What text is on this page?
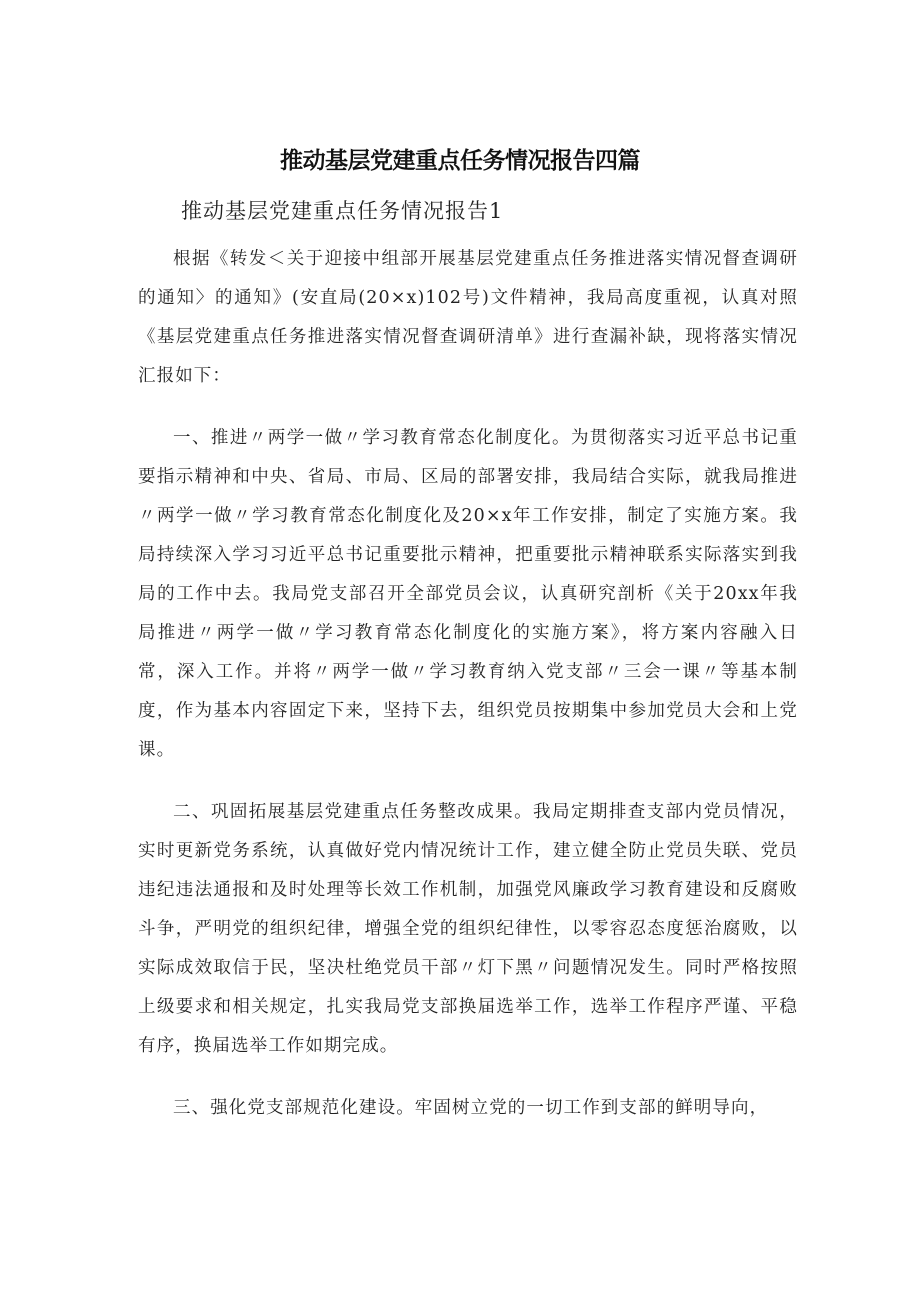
推动基层党建重点任务情况报告四篇

推动基层党建重点任务情况报告1

根据《转发＜关于迎接中组部开展基层党建重点任务推进落实情况督查调研的通知〉的通知》(安直局(20×x)102号)文件精神，我局高度重视，认真对照《基层党建重点任务推进落实情况督查调研清单》进行查漏补缺，现将落实情况汇报如下：

一、推进〃两学一做〃学习教育常态化制度化。为贯彻落实习近平总书记重要指示精神和中央、省局、市局、区局的部署安排，我局结合实际，就我局推进〃两学一做〃学习教育常态化制度化及20×x年工作安排，制定了实施方案。我局持续深入学习习近平总书记重要批示精神，把重要批示精神联系实际落实到我局的工作中去。我局党支部召开全部党员会议，认真研究剖析《关于20xx年我局推进〃两学一做〃学习教育常态化制度化的实施方案》，将方案内容融入日常，深入工作。并将〃两学一做〃学习教育纳入党支部〃三会一课〃等基本制度，作为基本内容固定下来，坚持下去，组织党员按期集中参加党员大会和上党课。

二、巩固拓展基层党建重点任务整改成果。我局定期排查支部内党员情况，实时更新党务系统，认真做好党内情况统计工作，建立健全防止党员失联、党员违纪违法通报和及时处理等长效工作机制，加强党风廉政学习教育建设和反腐败斗争，严明党的组织纪律，增强全党的组织纪律性，以零容忍态度惩治腐败，以实际成效取信于民，坚决杜绝党员干部〃灯下黑〃问题情况发生。同时严格按照上级要求和相关规定，扎实我局党支部换届选举工作，选举工作程序严谨、平稳有序，换届选举工作如期完成。

三、强化党支部规范化建设。牢固树立党的一切工作到支部的鲜明导向，
